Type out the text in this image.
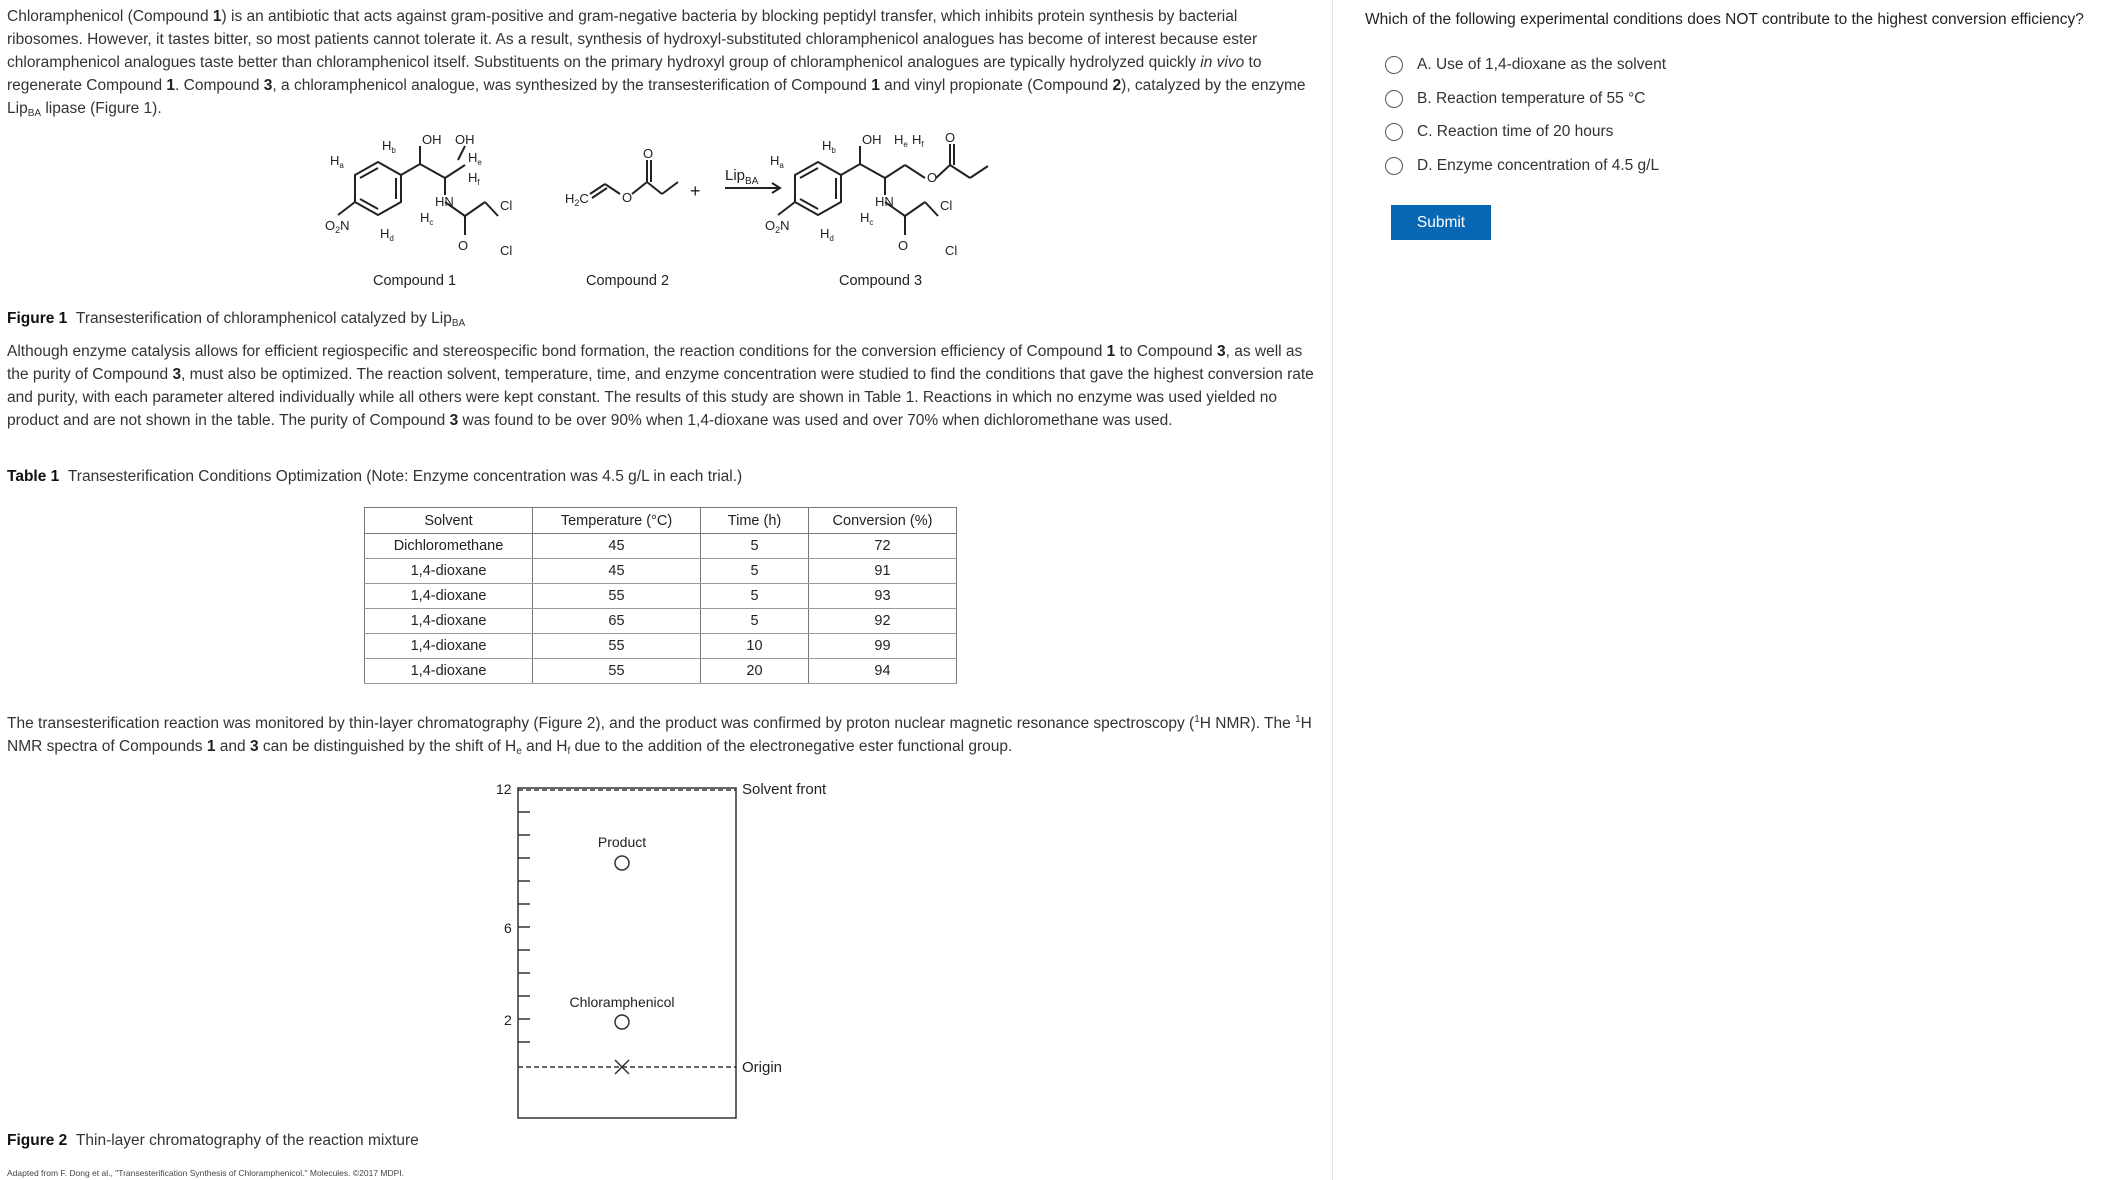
Chloramphenicol (Compound 1) is an antibiotic that acts against gram-positive and gram-negative bacteria by blocking peptidyl transfer, which inhibits protein synthesis by bacterial ribosomes. However, it tastes bitter, so most patients cannot tolerate it. As a result, synthesis of hydroxyl-substituted chloramphenicol analogues has become of interest because ester chloramphenicol analogues taste better than chloramphenicol itself. Substituents on the primary hydroxyl group of chloramphenicol analogues are typically hydrolyzed quickly in vivo to regenerate Compound 1. Compound 3, a chloramphenicol analogue, was synthesized by the transesterification of Compound 1 and vinyl propionate (Compound 2), catalyzed by the enzyme Lip$_{BA}$ lipase (Figure 1).
$O_2N$
$H_a$
$H_b$
OH OH
$H_e$
$H_f$
HN
$H_c$
$H_d$	O
Cl
Cl
$H_2C$	O
O
$O_2N$
$H_a$
$H_b$
OH $H_e$ $H_f$ O
O
HN
$H_c$
$H_d$	O
Cl
Cl
+
Lip$_{BA}$
Compound 1	Compound 2	Compound 3
Figure 1 Transesterification of chloramphenicol catalyzed by Lip$_{BA}$
Although enzyme catalysis allows for efficient regiospecific and stereospecific bond formation, the reaction conditions for the conversion efficiency of Compound 1 to Compound 3, as well as the purity of Compound 3, must also be optimized. The reaction solvent, temperature, time, and enzyme concentration were studied to find the conditions that gave the highest conversion rate and purity, with each parameter altered individually while all others were kept constant. The results of this study are shown in Table 1. Reactions in which no enzyme was used yielded no product and are not shown in the table. The purity of Compound 3 was found to be over 90% when 1,4-dioxane was used and over 70% when dichloromethane was used.
Table 1 Transesterification Conditions Optimization (Note: Enzyme concentration was 4.5 g/L in each trial.)
Solvent	Temperature (°C)	Time (h)	Conversion (%)
Dichloromethane	45	5	72
1,4-dioxane	45	5	91
1,4-dioxane	55	5	93
1,4-dioxane	65	5	92
1,4-dioxane	55	10	99
1,4-dioxane	55	20	94
The transesterification reaction was monitored by thin-layer chromatography (Figure 2), and the product was confirmed by proton nuclear magnetic resonance spectroscopy ($^1$H NMR). The $^1$H NMR spectra of Compounds 1 and 3 can be distinguished by the shift of $H_e$ and $H_f$ due to the addition of the electronegative ester functional group.
12
6
2
Solvent front
Origin
Product
Chloramphenicol
Figure 2 Thin-layer chromatography of the reaction mixture
Adapted from F. Dong et al., "Transesterification Synthesis of Chloramphenicol." Molecules. ©2017 MDPI.
Which of the following experimental conditions does NOT contribute to the highest conversion efficiency?
A. Use of 1,4-dioxane as the solvent
B. Reaction temperature of 55 °C
C. Reaction time of 20 hours
D. Enzyme concentration of 4.5 g/L
Submit
